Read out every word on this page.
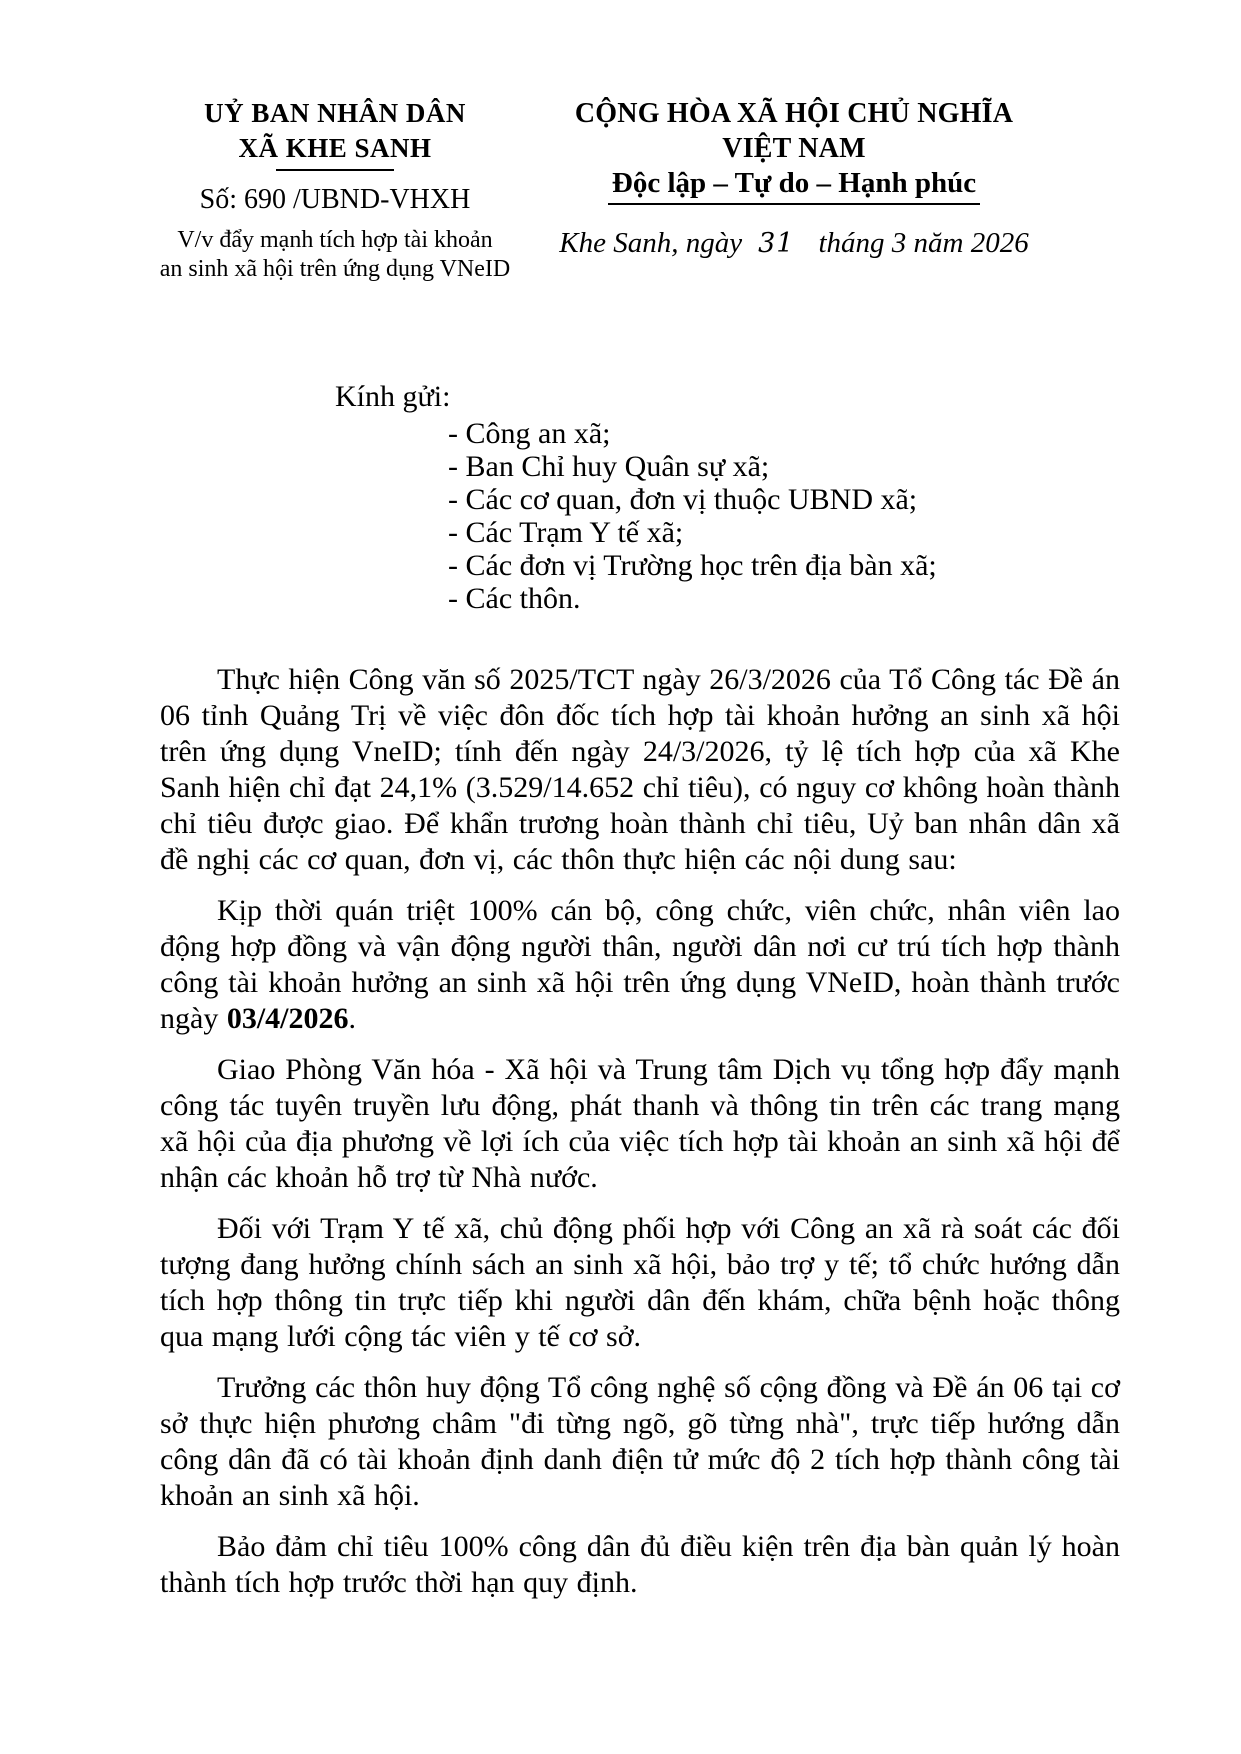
UỶ BAN NHÂN DÂN
XÃ KHE SANH
Số: 690 /UBND-VHXH
V/v đẩy mạnh tích hợp tài khoản
an sinh xã hội trên ứng dụng VNeID
CỘNG HÒA XÃ HỘI CHỦ NGHĨA VIỆT NAM
Độc lập – Tự do – Hạnh phúc
Khe Sanh, ngày 31 tháng 3 năm 2026
Kính gửi:
- Công an xã;
- Ban Chỉ huy Quân sự xã;
- Các cơ quan, đơn vị thuộc UBND xã;
- Các Trạm Y tế xã;
- Các đơn vị Trường học trên địa bàn xã;
- Các thôn.

Thực hiện Công văn số 2025/TCT ngày 26/3/2026 của Tổ Công tác Đề án 06 tỉnh Quảng Trị về việc đôn đốc tích hợp tài khoản hưởng an sinh xã hội trên ứng dụng VneID; tính đến ngày 24/3/2026, tỷ lệ tích hợp của xã Khe Sanh hiện chỉ đạt 24,1% (3.529/14.652 chỉ tiêu), có nguy cơ không hoàn thành chỉ tiêu được giao. Để khẩn trương hoàn thành chỉ tiêu, Uỷ ban nhân dân xã đề nghị các cơ quan, đơn vị, các thôn thực hiện các nội dung sau:

Kịp thời quán triệt 100% cán bộ, công chức, viên chức, nhân viên lao động hợp đồng và vận động người thân, người dân nơi cư trú tích hợp thành công tài khoản hưởng an sinh xã hội trên ứng dụng VNeID, hoàn thành trước ngày 03/4/2026.

Giao Phòng Văn hóa - Xã hội và Trung tâm Dịch vụ tổng hợp đẩy mạnh công tác tuyên truyền lưu động, phát thanh và thông tin trên các trang mạng xã hội của địa phương về lợi ích của việc tích hợp tài khoản an sinh xã hội để nhận các khoản hỗ trợ từ Nhà nước.

Đối với Trạm Y tế xã, chủ động phối hợp với Công an xã rà soát các đối tượng đang hưởng chính sách an sinh xã hội, bảo trợ y tế; tổ chức hướng dẫn tích hợp thông tin trực tiếp khi người dân đến khám, chữa bệnh hoặc thông qua mạng lưới cộng tác viên y tế cơ sở.

Trưởng các thôn huy động Tổ công nghệ số cộng đồng và Đề án 06 tại cơ sở thực hiện phương châm "đi từng ngõ, gõ từng nhà", trực tiếp hướng dẫn công dân đã có tài khoản định danh điện tử mức độ 2 tích hợp thành công tài khoản an sinh xã hội.

Bảo đảm chỉ tiêu 100% công dân đủ điều kiện trên địa bàn quản lý hoàn thành tích hợp trước thời hạn quy định.
